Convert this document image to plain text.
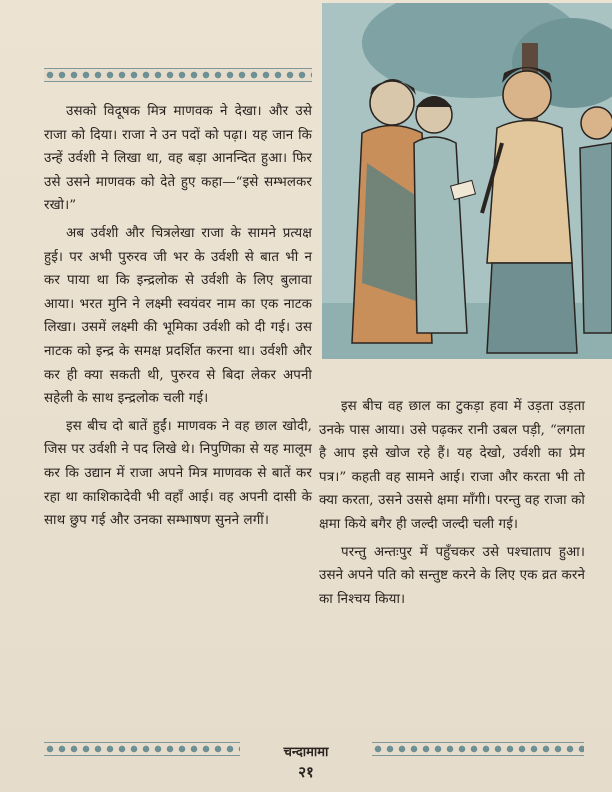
उसको विदूषक मित्र माणवक ने देखा। और उसे राजा को दिया। राजा ने उन पदों को पढ़ा। यह जान कि उन्हें उर्वशी ने लिखा था, वह बड़ा आनन्दित हुआ। फिर उसे उसने माणवक को देते हुए कहा—“इसे सम्भलकर रखो।”

अब उर्वशी और चित्रलेखा राजा के सामने प्रत्यक्ष हुई। पर अभी पुरुरव जी भर के उर्वशी से बात भी न कर पाया था कि इन्द्रलोक से उर्वशी के लिए बुलावा आया। भरत मुनि ने लक्ष्मी स्वयंवर नाम का एक नाटक लिखा। उसमें लक्ष्मी की भूमिका उर्वशी को दी गई। उस नाटक को इन्द्र के समक्ष प्रदर्शित करना था। उर्वशी और कर ही क्या सकती थी, पुरुरव से बिदा लेकर अपनी सहेली के साथ इन्द्रलोक चली गई।

इस बीच दो बातें हुईं। माणवक ने वह छाल खोदी, जिस पर उर्वशी ने पद लिखे थे। निपुणिका से यह मालूम कर कि उद्यान में राजा अपने मित्र माणवक से बातें कर रहा था काशिकादेवी भी वहाँ आई। वह अपनी दासी के साथ छुप गई और उनका सम्भाषण सुनने लगीं।

इस बीच वह छाल का टुकड़ा हवा में उड़ता उड़ता उनके पास आया। उसे पढ़कर रानी उबल पड़ी, “लगता है आप इसे खोज रहे हैं। यह देखो, उर्वशी का प्रेम पत्र।” कहती वह सामने आई। राजा और करता भी तो क्या करता, उसने उससे क्षमा माँगी। परन्तु वह राजा को क्षमा किये बगैर ही जल्दी जल्दी चली गई।

परन्तु अन्तःपुर में पहुँचकर उसे पश्चाताप हुआ। उसने अपने पति को सन्तुष्ट करने के लिए एक व्रत करने का निश्चय किया।

चन्दामामा
२१
